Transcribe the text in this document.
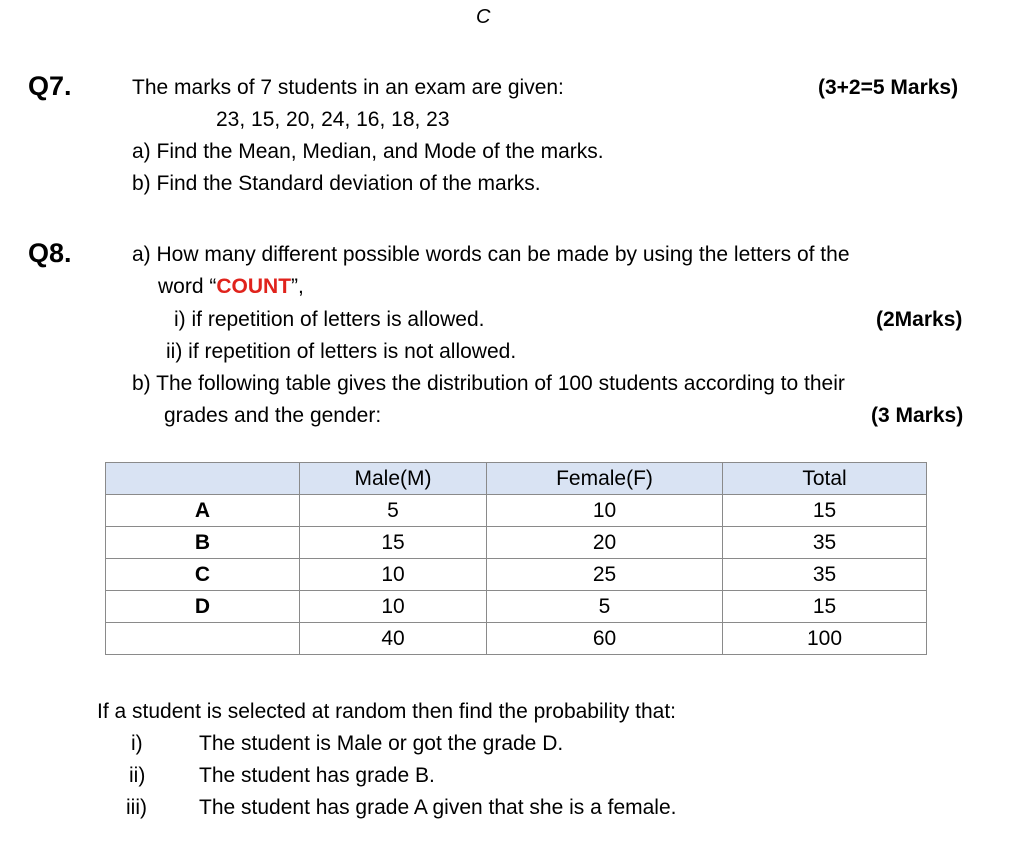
C
Q7.	The marks of 7 students in an exam are given:	(3+2=5 Marks)
23, 15, 20, 24, 16, 18, 23
a) Find the Mean, Median, and Mode of the marks.
b) Find the Standard deviation of the marks.
Q8.	a) How many different possible words can be made by using the letters of the
word “COUNT”,
i) if repetition of letters is allowed.	(2Marks)
ii) if repetition of letters is not allowed.
b) The following table gives the distribution of 100 students according to their
grades and the gender:	(3 Marks)
	Male(M)	Female(F)	Total
A	5	10	15
B	15	20	35
C	10	25	35
D	10	5	15
	40	60	100
If a student is selected at random then find the probability that:
i)	The student is Male or got the grade D.
ii)	The student has grade B.
iii) The student has grade A given that she is a female.
